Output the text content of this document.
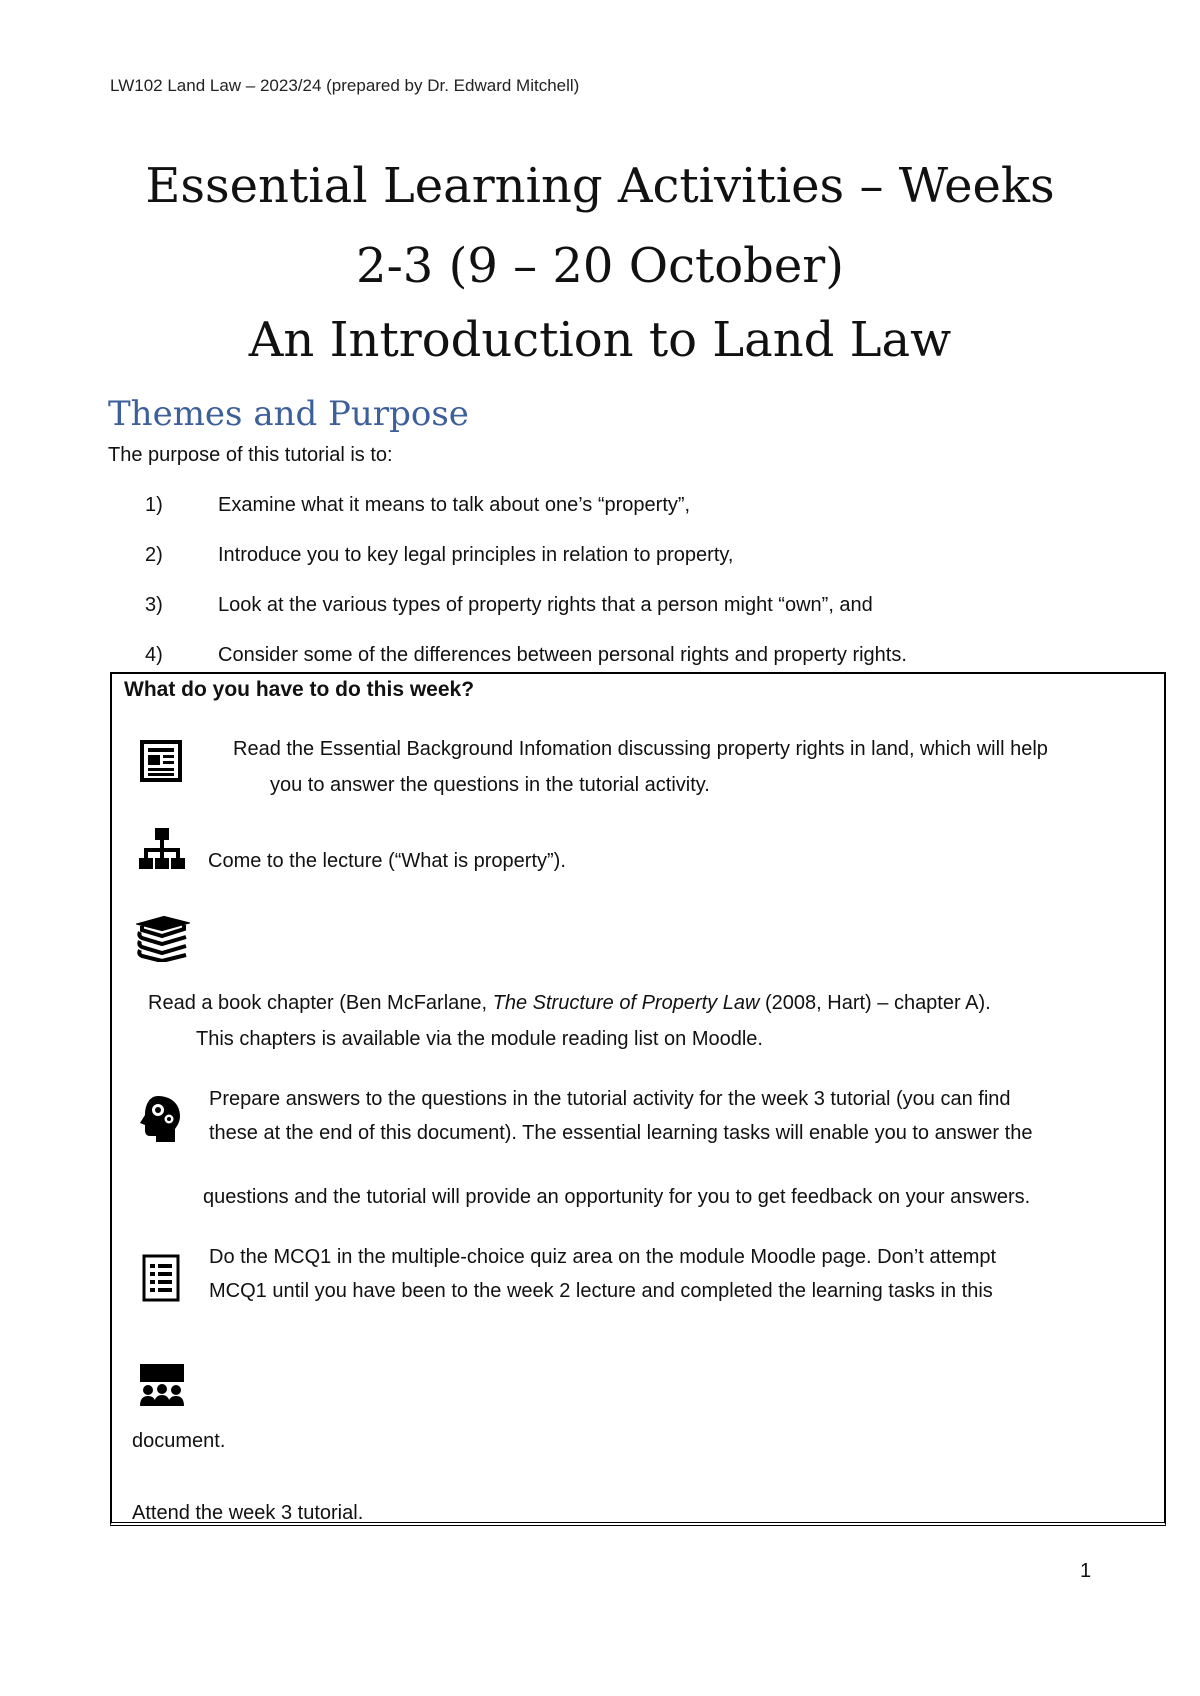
LW102 Land Law – 2023/24 (prepared by Dr. Edward Mitchell)
Essential Learning Activities – Weeks
2-3 (9 – 20 October)
An Introduction to Land Law
Themes and Purpose
The purpose of this tutorial is to:
1)	Examine what it means to talk about one’s “property”,
2)	Introduce you to key legal principles in relation to property,
3)	Look at the various types of property rights that a person might “own”, and
4)	Consider some of the differences between personal rights and property rights.
What do you have to do this week?
Read the Essential Background Infomation discussing property rights in land, which will help
you to answer the questions in the tutorial activity.
Come to the lecture (“What is property”).
Read a book chapter (Ben McFarlane, The Structure of Property Law (2008, Hart) – chapter A).
This chapters is available via the module reading list on Moodle.
Prepare answers to the questions in the tutorial activity for the week 3 tutorial (you can find
these at the end of this document). The essential learning tasks will enable you to answer the
questions and the tutorial will provide an opportunity for you to get feedback on your answers.
Do the MCQ1 in the multiple-choice quiz area on the module Moodle page. Don’t attempt
MCQ1 until you have been to the week 2 lecture and completed the learning tasks in this
document.
Attend the week 3 tutorial.
1
